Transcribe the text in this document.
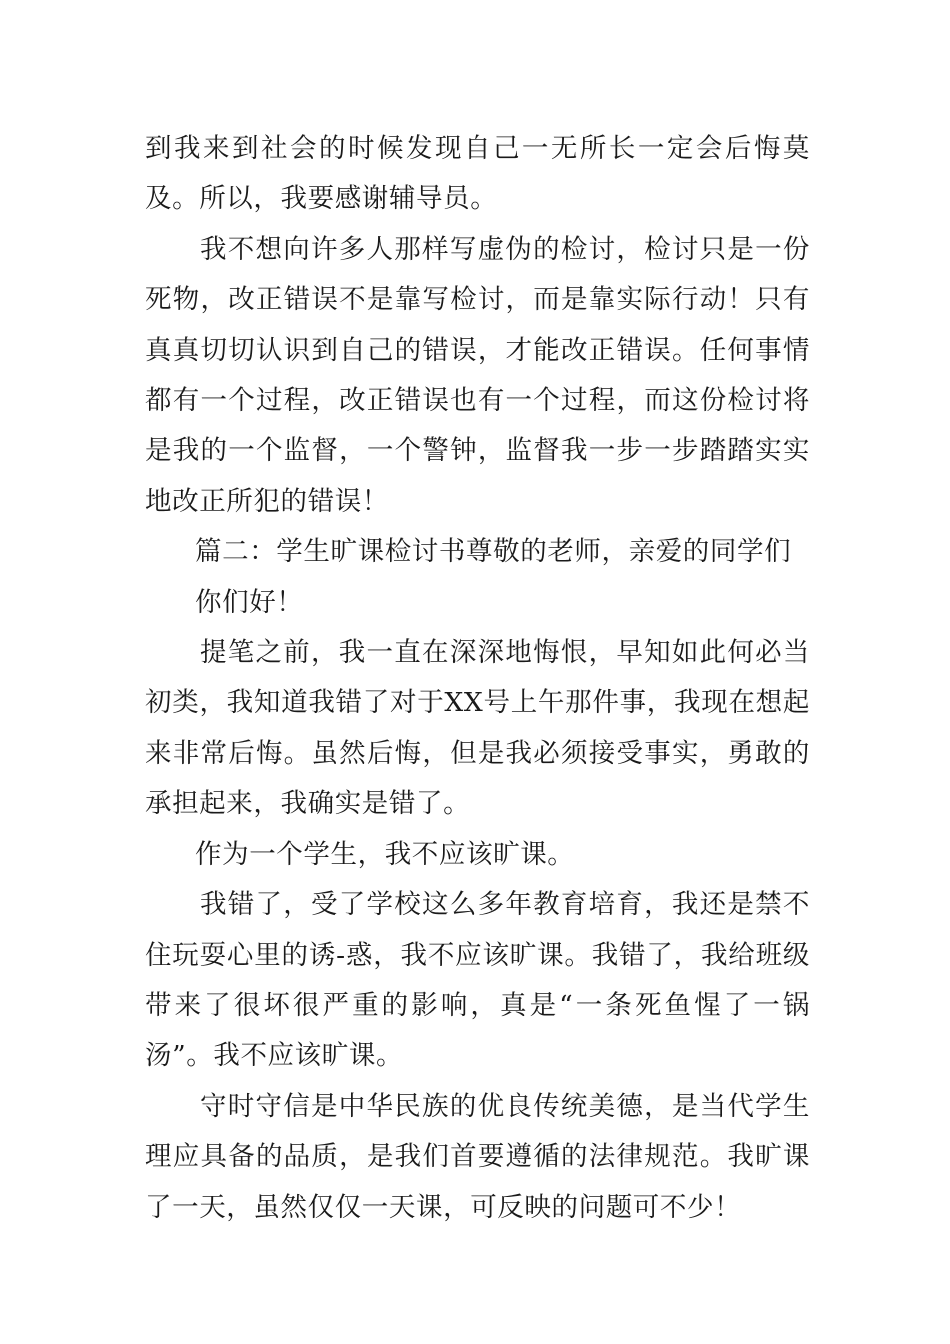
到我来到社会的时候发现自己一无所长一定会后悔莫及。所以，我要感谢辅导员。

我不想向许多人那样写虚伪的检讨，检讨只是一份死物，改正错误不是靠写检讨，而是靠实际行动！只有真真切切认识到自己的错误，才能改正错误。任何事情都有一个过程，改正错误也有一个过程，而这份检讨将是我的一个监督，一个警钟，监督我一步一步踏踏实实地改正所犯的错误！

篇二：学生旷课检讨书尊敬的老师，亲爱的同学们

你们好！

提笔之前，我一直在深深地悔恨，早知如此何必当初类，我知道我错了对于XX号上午那件事，我现在想起来非常后悔。虽然后悔，但是我必须接受事实，勇敢的承担起来，我确实是错了。

作为一个学生，我不应该旷课。

我错了，受了学校这么多年教育培育，我还是禁不住玩耍心里的诱-惑，我不应该旷课。我错了，我给班级带来了很坏很严重的影响，真是“一条死鱼惺了一锅汤”。我不应该旷课。

守时守信是中华民族的优良传统美德，是当代学生理应具备的品质，是我们首要遵循的法律规范。我旷课了一天，虽然仅仅一天课，可反映的问题可不少！
